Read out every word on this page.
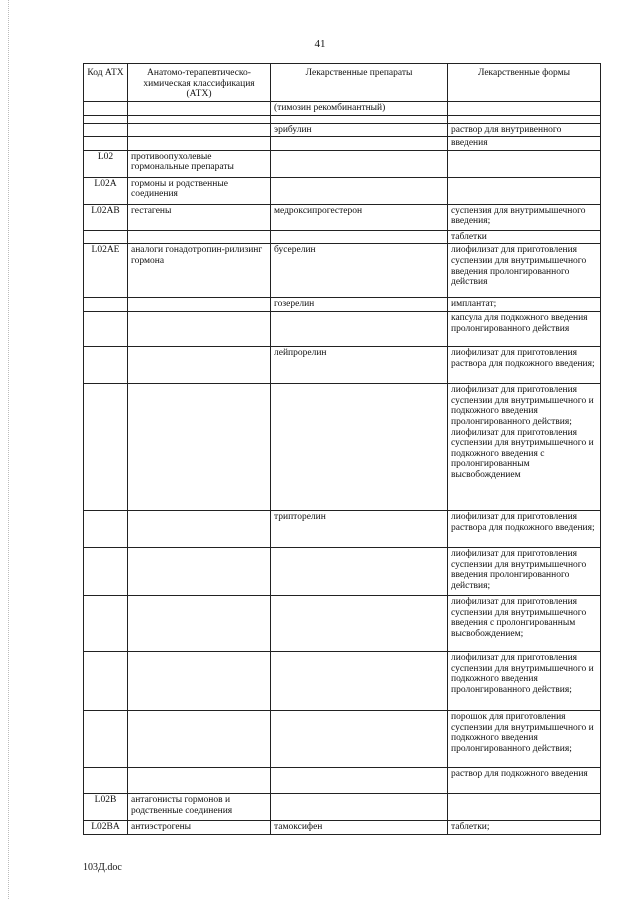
41
Код АТХ	Анатомо-терапевтическо-химическая классификация (АТХ)	Лекарственные препараты	Лекарственные формы
		(тимозин рекомбинантный)	

		эрибулин	раствор для внутривенного
			введения
L02	противоопухолевые гормональные препараты		
L02A	гормоны и родственные соединения		
L02AB	гестагены	медроксипрогестерон	суспензия для внутримышечного введения;
			таблетки
L02AE	аналоги гонадотропин-рилизинг гормона	бусерелин	лиофилизат для приготовления суспензии для внутримышечного введения пролонгированного действия
		гозерелин	имплантат;
			капсула для подкожного введения пролонгированного действия
		лейпрорелин	лиофилизат для приготовления раствора для подкожного введения;
			лиофилизат для приготовления суспензии для внутримышечного и подкожного введения пролонгированного действия; лиофилизат для приготовления суспензии для внутримышечного и подкожного введения с пролонгированным высвобождением
		трипторелин	лиофилизат для приготовления раствора для подкожного введения;
			лиофилизат для приготовления суспензии для внутримышечного введения пролонгированного действия;
			лиофилизат для приготовления суспензии для внутримышечного введения с пролонгированным высвобождением;
			лиофилизат для приготовления суспензии для внутримышечного и подкожного введения пролонгированного действия;
			порошок для приготовления суспензии для внутримышечного и подкожного введения пролонгированного действия;
			раствор для подкожного введения
L02B	антагонисты гормонов и родственные соединения		
L02BA	антиэстрогены	тамоксифен	таблетки;
103Д.doc
